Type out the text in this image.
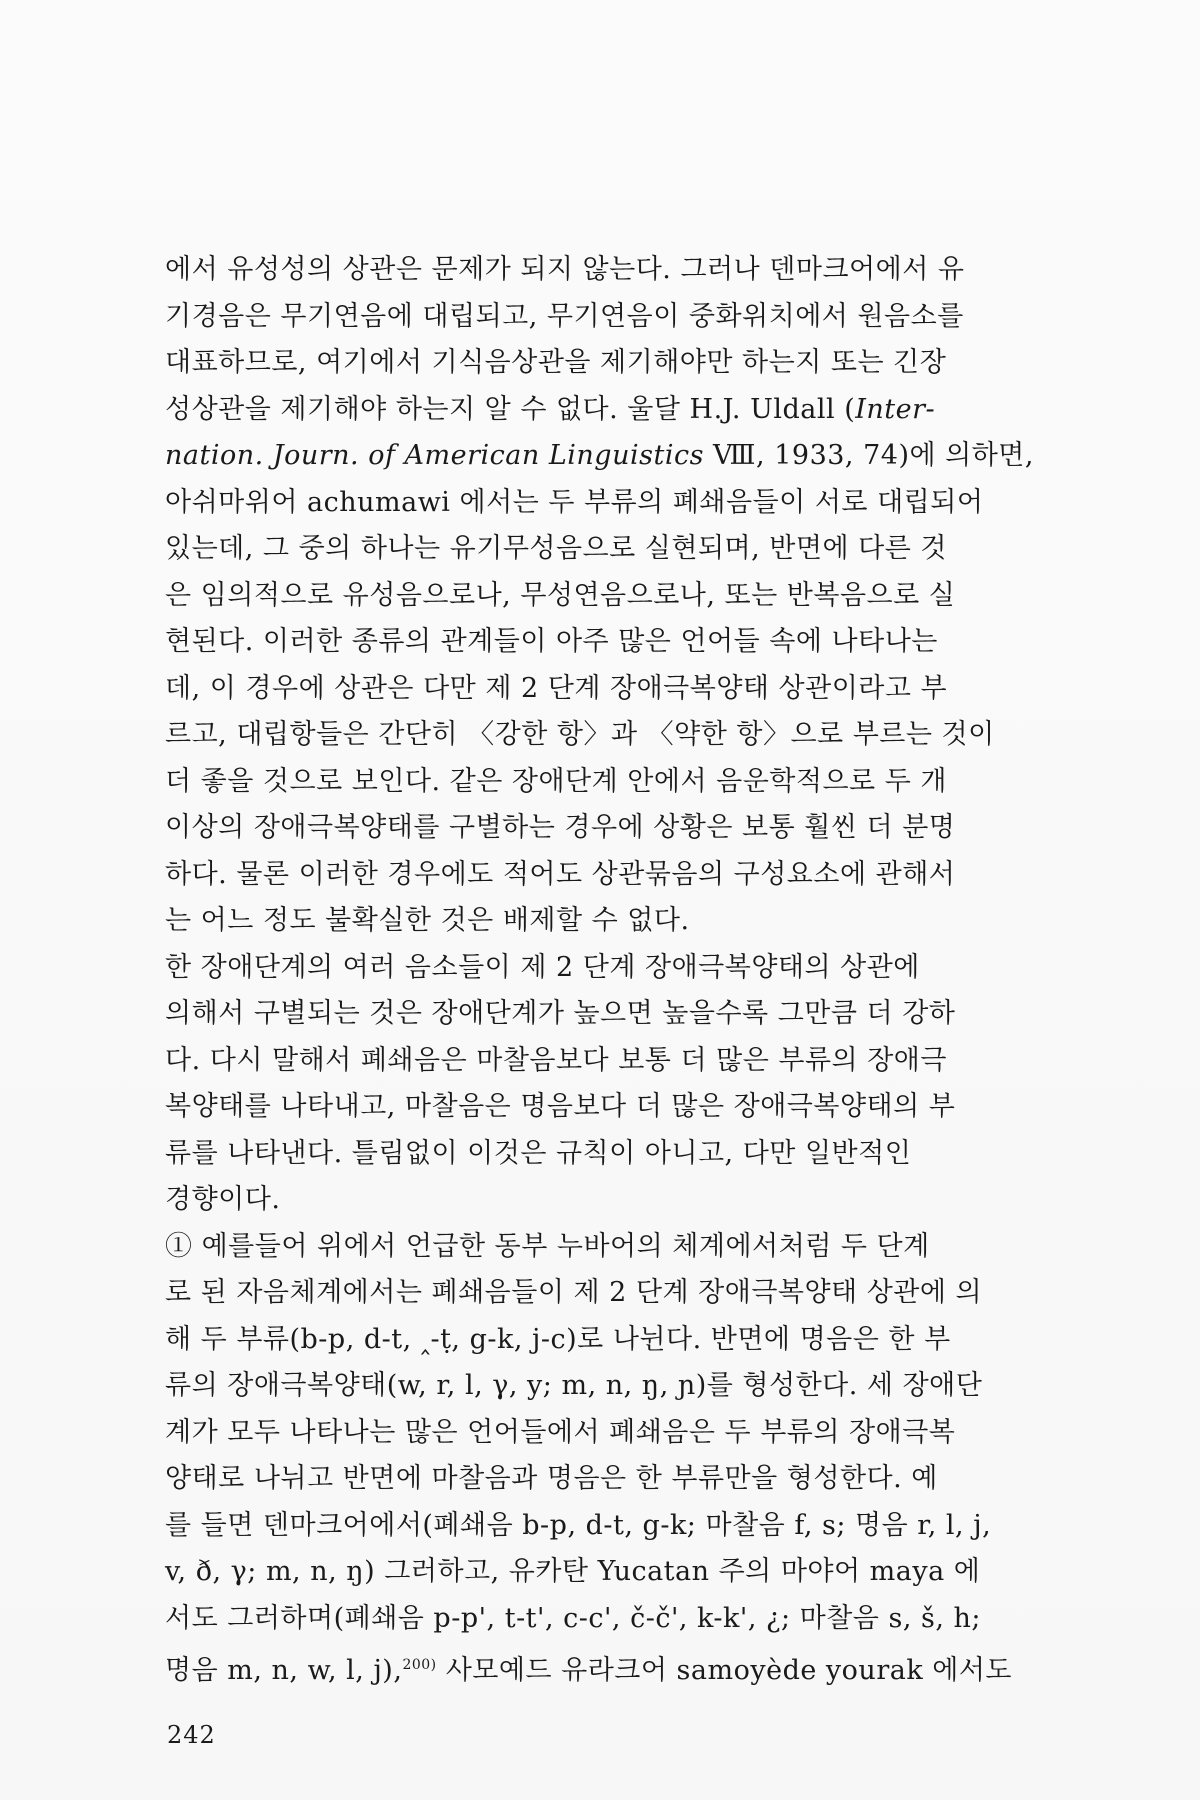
에서 유성성의 상관은 문제가 되지 않는다. 그러나 덴마크어에서 유
기경음은 무기연음에 대립되고, 무기연음이 중화위치에서 원음소를
대표하므로, 여기에서 기식음상관을 제기해야만 하는지 또는 긴장
성상관을 제기해야 하는지 알 수 없다. 울달 H.J. Uldall (Inter-
nation. Journ. of American Linguistics Ⅷ, 1933, 74)에 의하면,
아쉬마위어 achumawi 에서는 두 부류의 폐쇄음들이 서로 대립되어
있는데, 그 중의 하나는 유기무성음으로 실현되며, 반면에 다른 것
은 임의적으로 유성음으로나, 무성연음으로나, 또는 반복음으로 실
현된다. 이러한 종류의 관계들이 아주 많은 언어들 속에 나타나는
데, 이 경우에 상관은 다만 제 2 단계 장애극복양태 상관이라고 부
르고, 대립항들은 간단히 〈강한 항〉과 〈약한 항〉으로 부르는 것이
더 좋을 것으로 보인다. 같은 장애단계 안에서 음운학적으로 두 개
이상의 장애극복양태를 구별하는 경우에 상황은 보통 훨씬 더 분명
하다. 물론 이러한 경우에도 적어도 상관묶음의 구성요소에 관해서
는 어느 정도 불확실한 것은 배제할 수 없다.
한 장애단계의 여러 음소들이 제 2 단계 장애극복양태의 상관에
의해서 구별되는 것은 장애단계가 높으면 높을수록 그만큼 더 강하
다. 다시 말해서 폐쇄음은 마찰음보다 보통 더 많은 부류의 장애극
복양태를 나타내고, 마찰음은 명음보다 더 많은 장애극복양태의 부
류를 나타낸다. 틀림없이 이것은 규칙이 아니고, 다만 일반적인
경향이다.
① 예를들어 위에서 언급한 동부 누바어의 체계에서처럼 두 단계
로 된 자음체계에서는 폐쇄음들이 제 2 단계 장애극복양태 상관에 의
해 두 부류(b-p, d-t, ‸-ṭ, g-k, j-c)로 나뉜다. 반면에 명음은 한 부
류의 장애극복양태(w, r, l, γ, y; m, n, ŋ, ɲ)를 형성한다. 세 장애단
계가 모두 나타나는 많은 언어들에서 폐쇄음은 두 부류의 장애극복
양태로 나뉘고 반면에 마찰음과 명음은 한 부류만을 형성한다. 예
를 들면 덴마크어에서(폐쇄음 b-p, d-t, g-k; 마찰음 f, s; 명음 r, l, j,
v, ð, γ; m, n, ŋ) 그러하고, 유카탄 Yucatan 주의 마야어 maya 에
서도 그러하며(폐쇄음 p-p', t-t', c-c', č-č', k-k', ¿; 마찰음 s, š, h;
명음 m, n, w, l, j),$^{200)}$ 사모예드 유라크어 samoyède yourak 에서도
242
